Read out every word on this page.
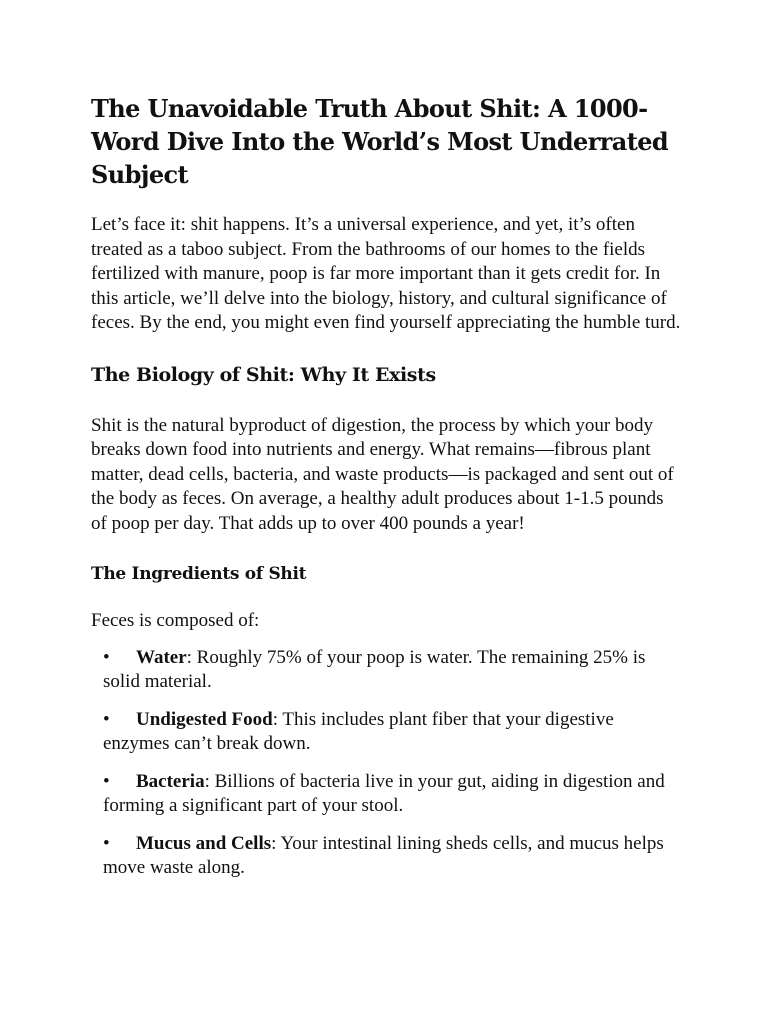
The Unavoidable Truth About Shit: A 1000-Word Dive Into the World’s Most Underrated Subject

Let’s face it: shit happens. It’s a universal experience, and yet, it’s often treated as a taboo subject. From the bathrooms of our homes to the fields fertilized with manure, poop is far more important than it gets credit for. In this article, we’ll delve into the biology, history, and cultural significance of feces. By the end, you might even find yourself appreciating the humble turd.

The Biology of Shit: Why It Exists

Shit is the natural byproduct of digestion, the process by which your body breaks down food into nutrients and energy. What remains—fibrous plant matter, dead cells, bacteria, and waste products—is packaged and sent out of the body as feces. On average, a healthy adult produces about 1-1.5 pounds of poop per day. That adds up to over 400 pounds a year!

The Ingredients of Shit

Feces is composed of:

• Water: Roughly 75% of your poop is water. The remaining 25% is solid material.
• Undigested Food: This includes plant fiber that your digestive enzymes can’t break down.
• Bacteria: Billions of bacteria live in your gut, aiding in digestion and forming a significant part of your stool.
• Mucus and Cells: Your intestinal lining sheds cells, and mucus helps move waste along.
